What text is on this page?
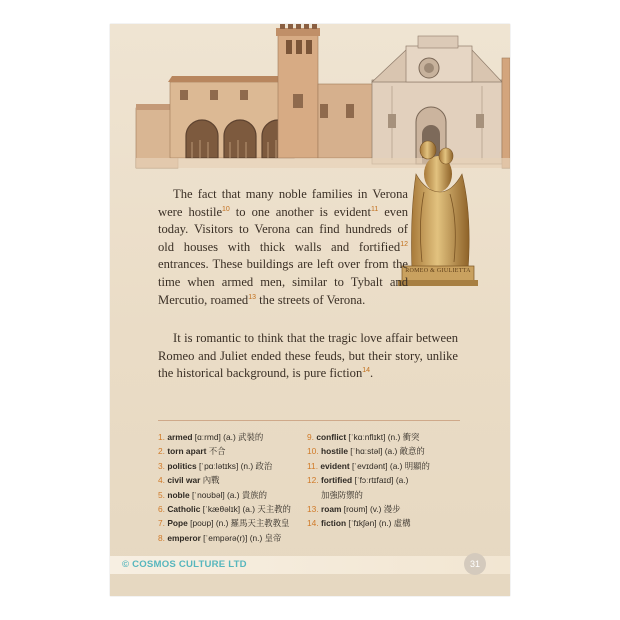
ROMEO & GIULIETTA

The fact that many noble families in Verona were hostile$^{10}$ to one another is evident$^{11}$ even today. Visitors to Verona can find hundreds of old houses with thick walls and fortified$^{12}$ entrances. These buildings are left over from the time when armed men, similar to Tybalt and Mercutio, roamed$^{13}$ the streets of Verona.

It is romantic to think that the tragic love affair between Romeo and Juliet ended these feuds, but their story, unlike the historical background, is pure fiction$^{14}$.

1. armed [ɑːrmd] (a.) 武裝的
2. torn apart 不合
3. politics [ˈpɑːlətɪks] (n.) 政治
4. civil war 內戰
5. noble [ˈnoʊbəl] (a.) 貴族的
6. Catholic [ˈkæθəlɪk] (a.) 天主教的
7. Pope [poʊp] (n.) 羅馬天主教教皇
8. emperor [ˈempərə(r)] (n.) 皇帝
9. conflict [ˈkɑːnflɪkt] (n.) 衝突
10. hostile [ˈhɑːstəl] (a.) 敵意的
11. evident [ˈevɪdənt] (a.) 明顯的
12. fortified [ˈfɔːrtɪfaɪd] (a.)
加強防禦的
13. roam [roʊm] (v.) 漫步
14. fiction [ˈfɪkʃən] (n.) 虛構
© COSMOS CULTURE LTD	31
